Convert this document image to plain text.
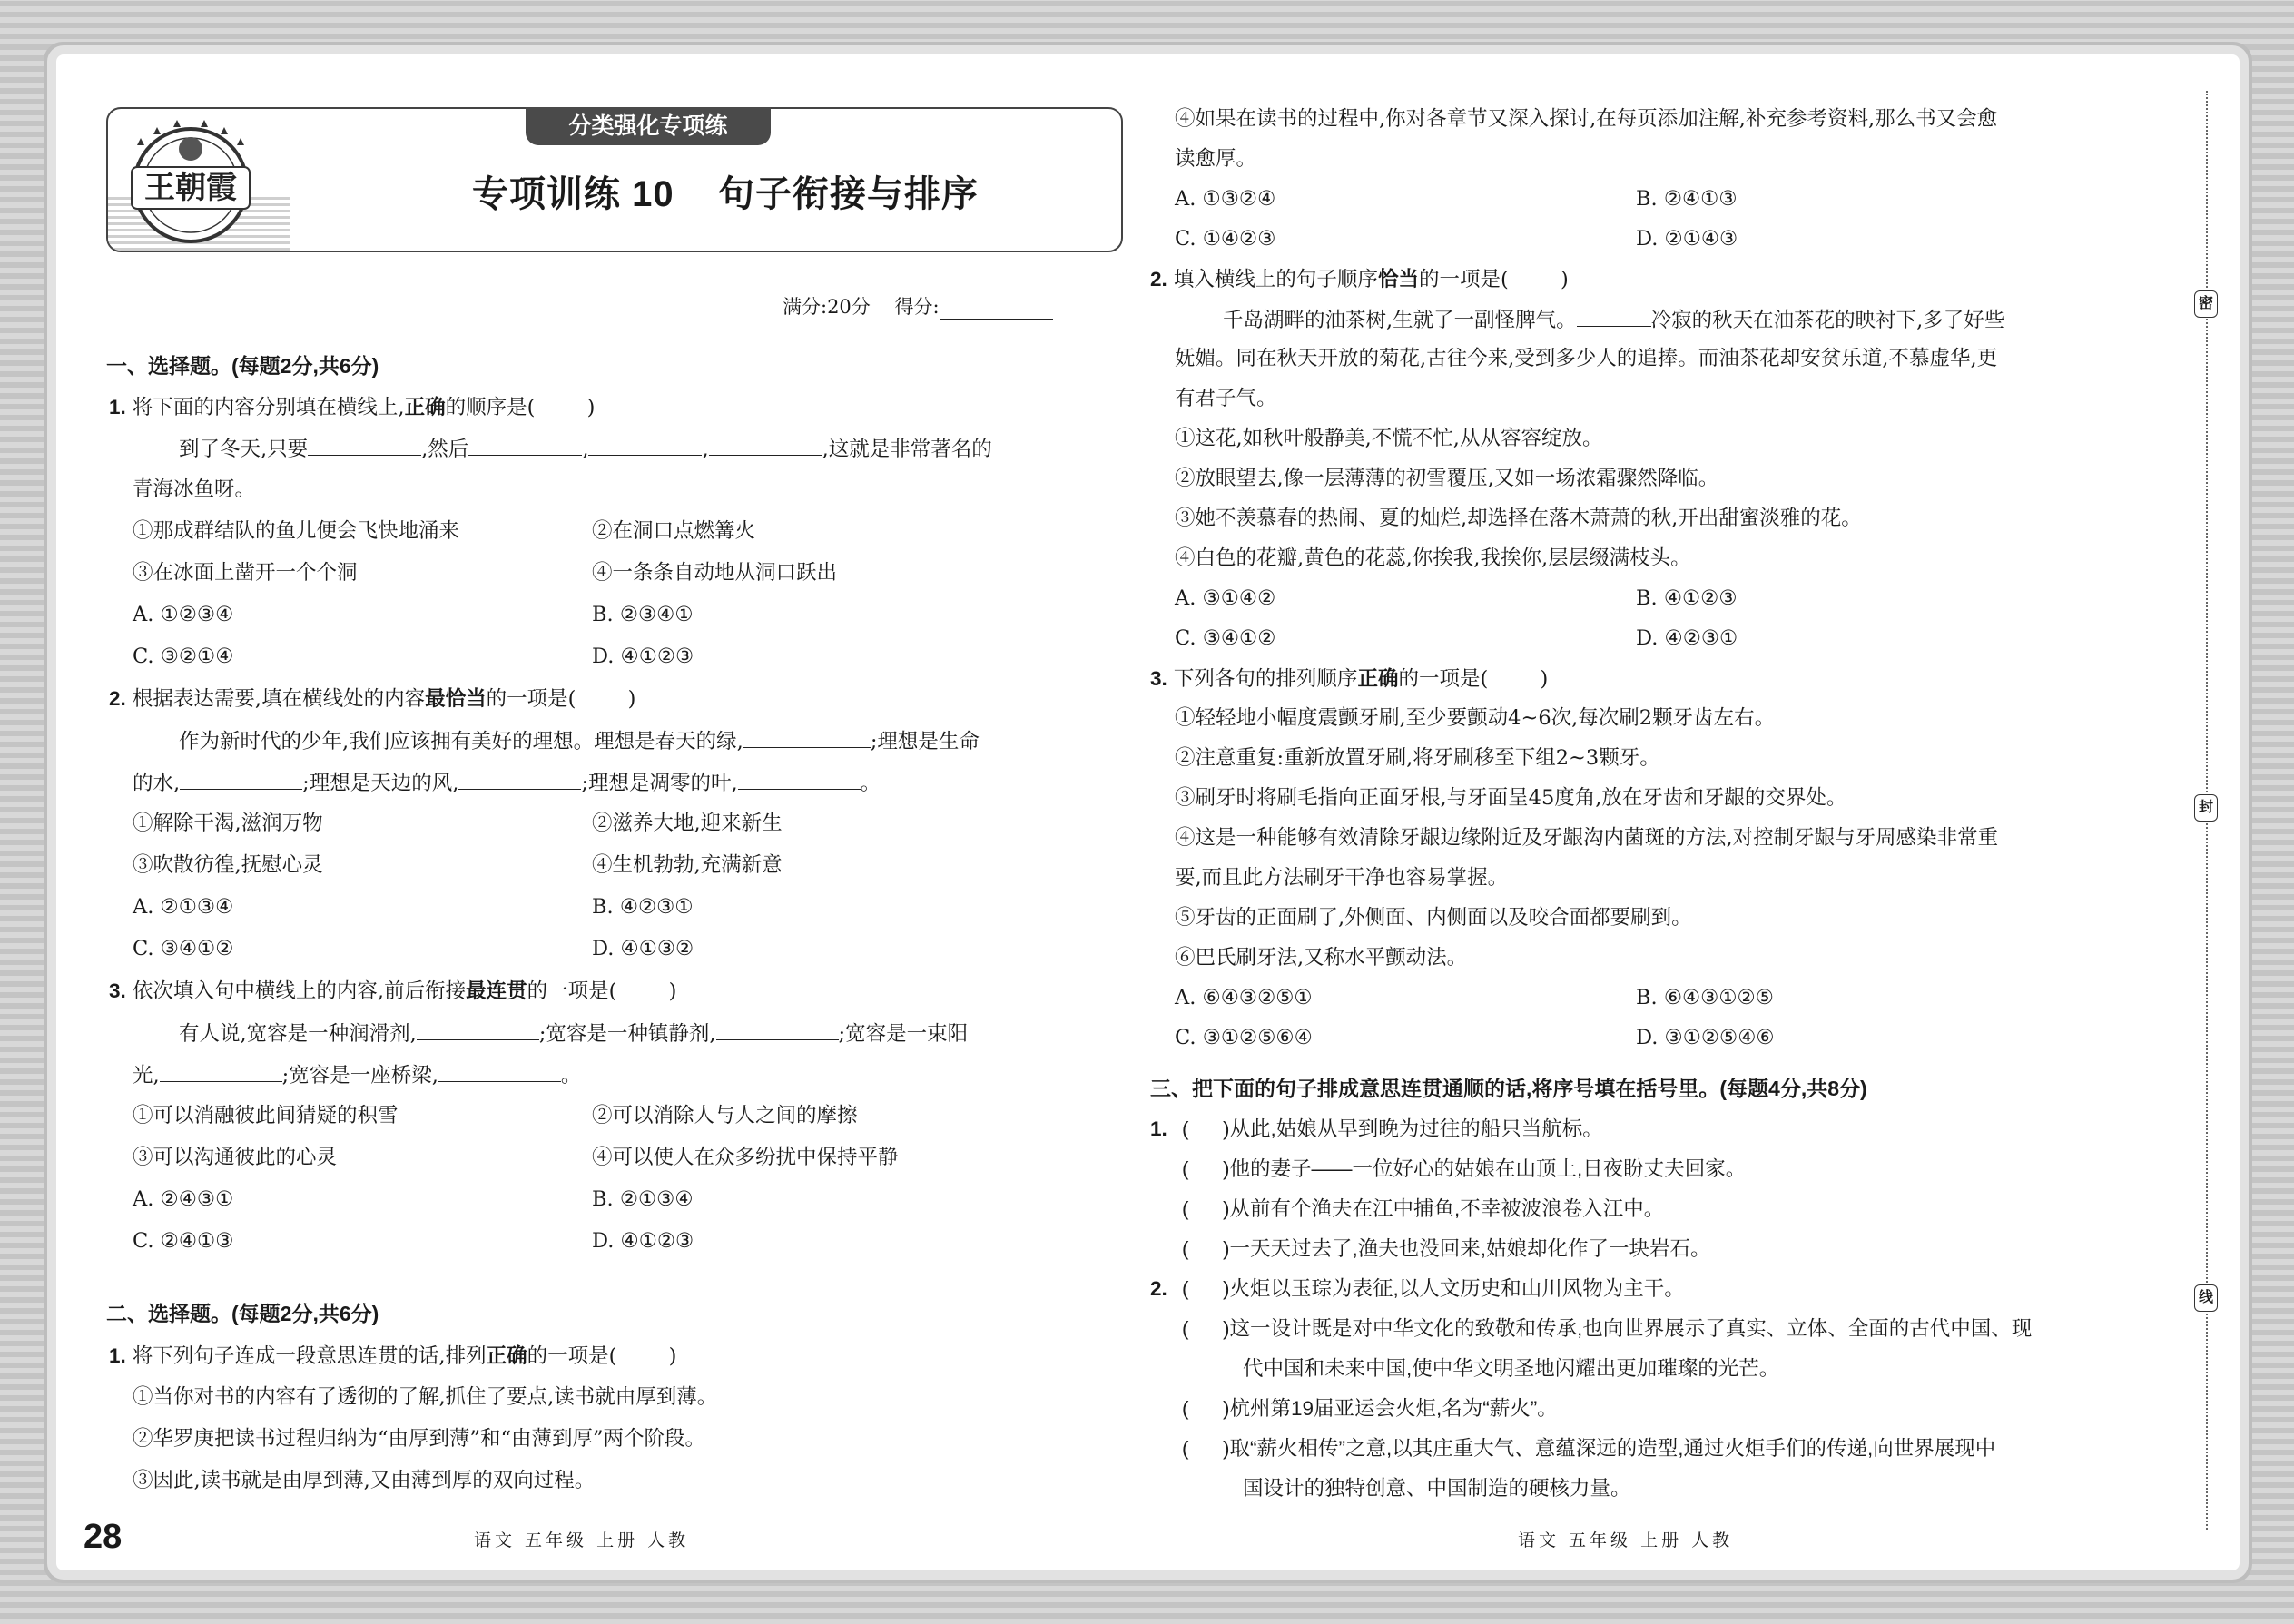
王朝霞
分类强化专项练
专项训练 10    句子衔接与排序
满分:20分    得分:
一、选择题。(每题2分,共6分)
1. 将下面的内容分别填在横线上,正确的顺序是(        )
到了冬天,只要	,然后	,	,	,这就是非常著名的
青海冰鱼呀。
①那成群结队的鱼儿便会飞快地涌来	②在洞口点燃篝火
③在冰面上凿开一个个洞	④一条条自动地从洞口跃出
A. ①②③④	B. ②③④①
C. ③②①④	D. ④①②③
2. 根据表达需要,填在横线处的内容最恰当的一项是(        )
作为新时代的少年,我们应该拥有美好的理想。理想是春天的绿,	;理想是生命
的水,	;理想是天边的风,	;理想是凋零的叶,	。
①解除干渴,滋润万物	②滋养大地,迎来新生
③吹散彷徨,抚慰心灵	④生机勃勃,充满新意
A. ②①③④	B. ④②③①
C. ③④①②	D. ④①③②
3. 依次填入句中横线上的内容,前后衔接最连贯的一项是(        )
有人说,宽容是一种润滑剂,	;宽容是一种镇静剂,	;宽容是一束阳
光,	;宽容是一座桥梁,	。
①可以消融彼此间猜疑的积雪	②可以消除人与人之间的摩擦
③可以沟通彼此的心灵	④可以使人在众多纷扰中保持平静
A. ②④③①	B. ②①③④
C. ②④①③	D. ④①②③
二、选择题。(每题2分,共6分)
1. 将下列句子连成一段意思连贯的话,排列正确的一项是(        )
①当你对书的内容有了透彻的了解,抓住了要点,读书就由厚到薄。
②华罗庚把读书过程归纳为“由厚到薄”和“由薄到厚”两个阶段。
③因此,读书就是由厚到薄,又由薄到厚的双向过程。
28	语文 五年级 上册 人教
④如果在读书的过程中,你对各章节又深入探讨,在每页添加注解,补充参考资料,那么书又会愈
读愈厚。
A. ①③②④	B. ②④①③
C. ①④②③	D. ②①④③
2. 填入横线上的句子顺序恰当的一项是(        )
千岛湖畔的油茶树,生就了一副怪脾气。	冷寂的秋天在油茶花的映衬下,多了好些
妩媚。同在秋天开放的菊花,古往今来,受到多少人的追捧。而油茶花却安贫乐道,不慕虚华,更
有君子气。
①这花,如秋叶般静美,不慌不忙,从从容容绽放。
②放眼望去,像一层薄薄的初雪覆压,又如一场浓霜骤然降临。
③她不羡慕春的热闹、夏的灿烂,却选择在落木萧萧的秋,开出甜蜜淡雅的花。
④白色的花瓣,黄色的花蕊,你挨我,我挨你,层层缀满枝头。
A. ③①④②	B. ④①②③
C. ③④①②	D. ④②③①
3. 下列各句的排列顺序正确的一项是(        )
①轻轻地小幅度震颤牙刷,至少要颤动4~6次,每次刷2颗牙齿左右。
②注意重复:重新放置牙刷,将牙刷移至下组2~3颗牙。
③刷牙时将刷毛指向正面牙根,与牙面呈45度角,放在牙齿和牙龈的交界处。
④这是一种能够有效清除牙龈边缘附近及牙龈沟内菌斑的方法,对控制牙龈与牙周感染非常重
要,而且此方法刷牙干净也容易掌握。
⑤牙齿的正面刷了,外侧面、内侧面以及咬合面都要刷到。
⑥巴氏刷牙法,又称水平颤动法。
A. ⑥④③②⑤①	B. ⑥④③①②⑤
C. ③①②⑤⑥④	D. ③①②⑤④⑥
三、把下面的句子排成意思连贯通顺的话,将序号填在括号里。(每题4分,共8分)
1. (      )从此,姑娘从早到晚为过往的船只当航标。
(      )他的妻子——一位好心的姑娘在山顶上,日夜盼丈夫回家。
(      )从前有个渔夫在江中捕鱼,不幸被波浪卷入江中。
(      )一天天过去了,渔夫也没回来,姑娘却化作了一块岩石。
2. (      )火炬以玉琮为表征,以人文历史和山川风物为主干。
(      )这一设计既是对中华文化的致敬和传承,也向世界展示了真实、立体、全面的古代中国、现
代中国和未来中国,使中华文明圣地闪耀出更加璀璨的光芒。
(      )杭州第19届亚运会火炬,名为“薪火”。
(      )取“薪火相传”之意,以其庄重大气、意蕴深远的造型,通过火炬手们的传递,向世界展现中
国设计的独特创意、中国制造的硬核力量。
语文 五年级 上册 人教
密
封
线
